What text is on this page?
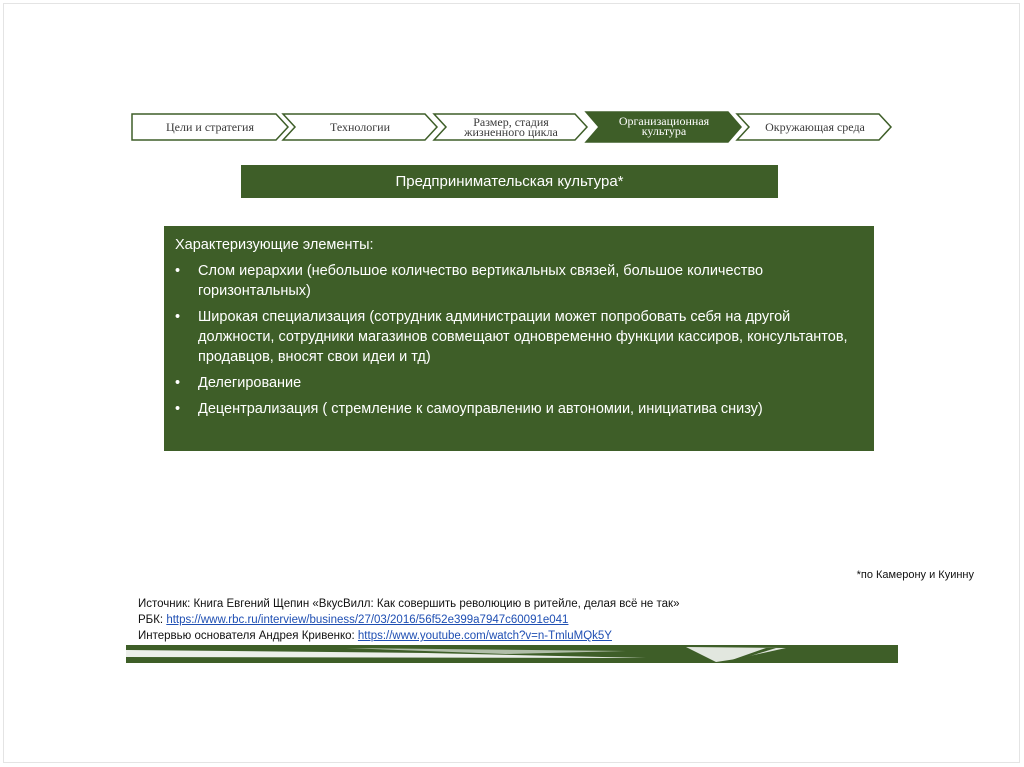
Цели и стратегия	Технологии	Размер, стадия
жизненного цикла
Организационная
культура	Окружающая среда
Предпринимательская культура*
Характеризующие элементы:
• Слом иерархии (небольшое количество вертикальных связей, большое количество горизонтальных)
• Широкая специализация (сотрудник администрации может попробовать себя на другой должности, сотрудники магазинов совмещают одновременно функции кассиров, консультантов, продавцов, вносят свои идеи и тд)
• Делегирование
• Децентрализация ( стремление к самоуправлению и автономии, инициатива снизу)
*по Камерону и Куинну
Источник: Книга Евгений Щепин «ВкусВилл: Как совершить революцию в ритейле, делая всё не так»
РБК: https://www.rbc.ru/interview/business/27/03/2016/56f52e399a7947c60091e041
Интервью основателя Андрея Кривенко: https://www.youtube.com/watch?v=n-TmluMQk5Y
